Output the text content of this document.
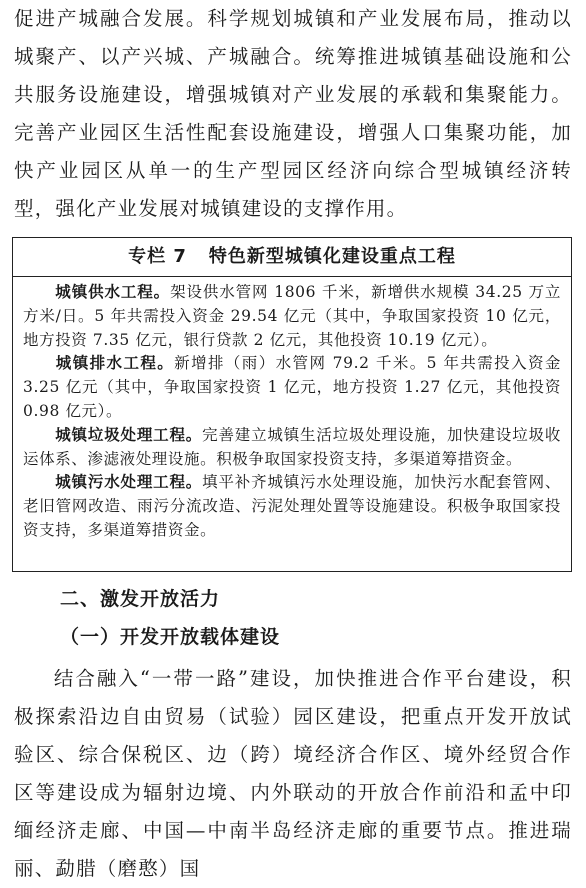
促进产城融合发展。科学规划城镇和产业发展布局，推动以城聚产、以产兴城、产城融合。统筹推进城镇基础设施和公共服务设施建设，增强城镇对产业发展的承载和集聚能力。完善产业园区生活性配套设施建设，增强人口集聚功能，加快产业园区从单一的生产型园区经济向综合型城镇经济转型，强化产业发展对城镇建设的支撑作用。

专栏 7 特色新型城镇化建设重点工程

城镇供水工程。架设供水管网 1806 千米，新增供水规模 34.25 万立方米/日。5 年共需投入资金 29.54 亿元（其中，争取国家投资 10 亿元，地方投资 7.35 亿元，银行贷款 2 亿元，其他投资 10.19 亿元）。

城镇排水工程。新增排（雨）水管网 79.2 千米。5 年共需投入资金 3.25 亿元（其中，争取国家投资 1 亿元，地方投资 1.27 亿元，其他投资 0.98 亿元）。

城镇垃圾处理工程。完善建立城镇生活垃圾处理设施，加快建设垃圾收运体系、渗滤液处理设施。积极争取国家投资支持，多渠道筹措资金。

城镇污水处理工程。填平补齐城镇污水处理设施，加快污水配套管网、老旧管网改造、雨污分流改造、污泥处理处置等设施建设。积极争取国家投资支持，多渠道筹措资金。

二、激发开放活力
（一）开发开放载体建设

结合融入“一带一路”建设，加快推进合作平台建设，积极探索沿边自由贸易（试验）园区建设，把重点开发开放试验区、综合保税区、边（跨）境经济合作区、境外经贸合作区等建设成为辐射边境、内外联动的开放合作前沿和孟中印缅经济走廊、中国—中南半岛经济走廊的重要节点。推进瑞丽、勐腊（磨憨）国
